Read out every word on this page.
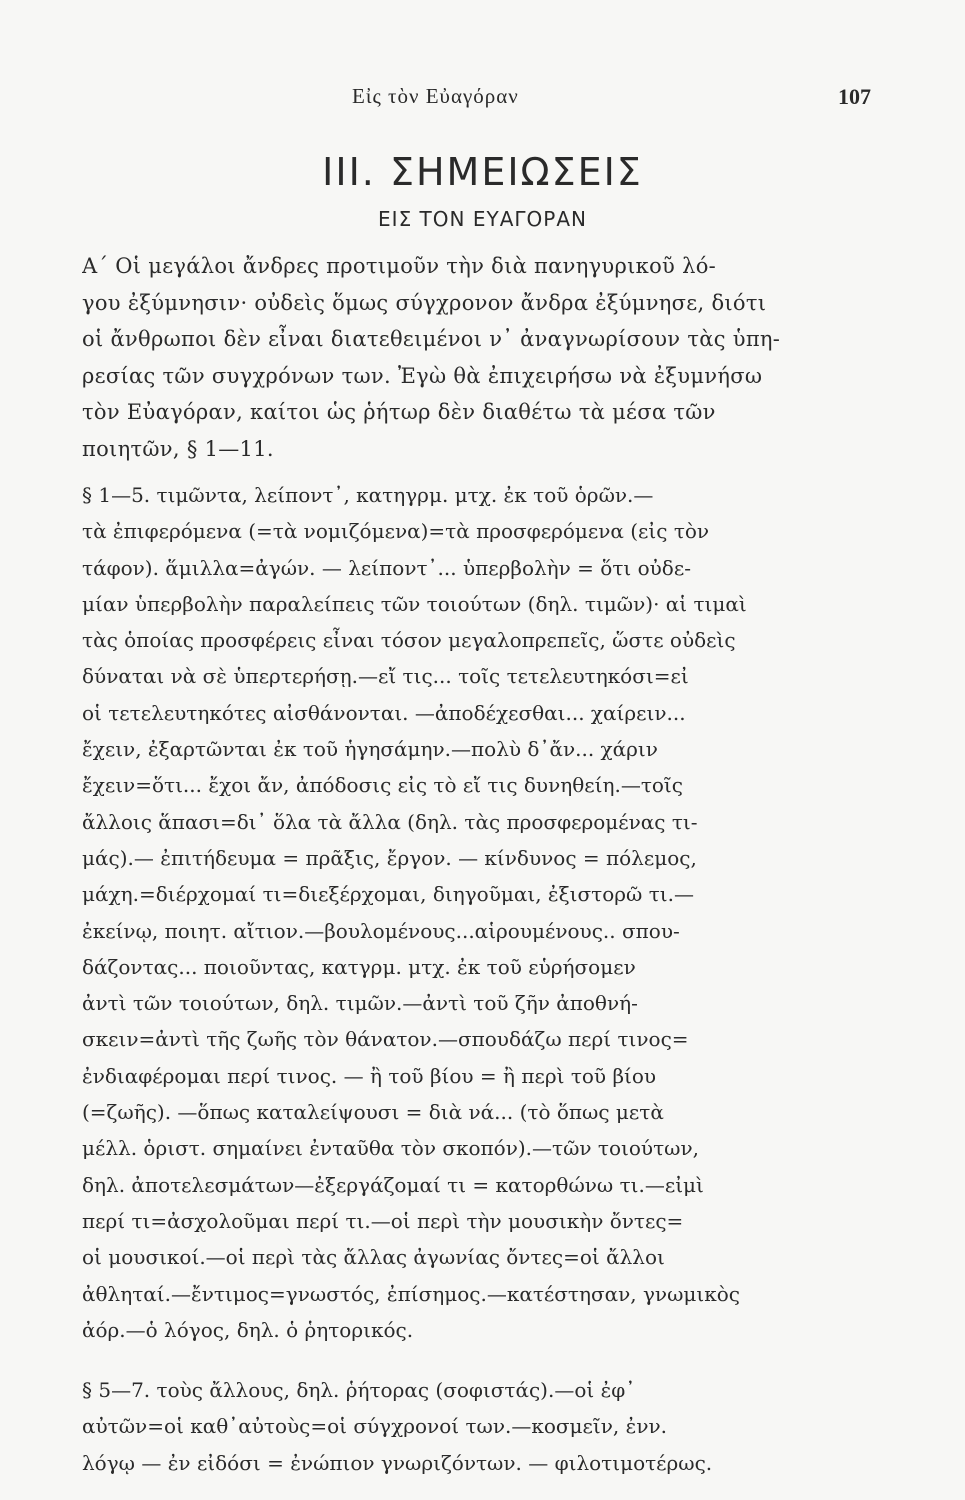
Εἰς τὸν Εὐαγόραν	107
III. ΣΗΜΕΙΩΣΕΙΣ
ΕΙΣ ΤΟΝ ΕΥΑΓΟΡΑΝ
Α΄ Οἱ μεγάλοι ἄνδρες προτιμοῦν τὴν διὰ πανηγυρικοῦ λό-
γου ἐξύμνησιν· οὐδεὶς ὅμως σύγχρονον ἄνδρα ἐξύμνησε, διότι
οἱ ἄνθρωποι δὲν εἶναι διατεθειμένοι ν᾿ ἀναγνωρίσουν τὰς ὑπη-
ρεσίας τῶν συγχρόνων των. Ἐγὼ θὰ ἐπιχειρήσω νὰ ἐξυμνήσω
τὸν Εὐαγόραν, καίτοι ὡς ῥήτωρ δὲν διαθέτω τὰ μέσα τῶν
ποιητῶν, § 1—11.
§ 1—5. τιμῶντα, λείποντ᾿, κατηγρμ. μτχ. ἐκ τοῦ ὁρῶν.—
τὰ ἐπιφερόμενα (=τὰ νομιζόμενα)=τὰ προσφερόμενα (εἰς τὸν
τάφον). ἅμιλλα=ἀγών. — λείποντ᾿... ὑπερβολὴν = ὅτι οὐδε-
μίαν ὑπερβολὴν παραλείπεις τῶν τοιούτων (δηλ. τιμῶν)· αἱ τιμαὶ
τὰς ὁποίας προσφέρεις εἶναι τόσον μεγαλοπρεπεῖς, ὥστε οὐδεὶς
δύναται νὰ σὲ ὑπερτερήσῃ.—εἴ τις... τοῖς τετελευτηκόσι=εἰ
οἱ τετελευτηκότες αἰσθάνονται. —ἀποδέχεσθαι... χαίρειν...
ἔχειν, ἐξαρτῶνται ἐκ τοῦ ἡγησάμην.—πολὺ δ᾿ἄν... χάριν
ἔχειν=ὅτι... ἔχοι ἄν, ἀπόδοσις εἰς τὸ εἴ τις δυνηθείη.—τοῖς
ἄλλοις ἅπασι=δι᾿ ὅλα τὰ ἄλλα (δηλ. τὰς προσφερομένας τι-
μάς).— ἐπιτήδευμα = πρᾶξις, ἔργον. — κίνδυνος = πόλεμος,
μάχη.=διέρχομαί τι=διεξέρχομαι, διηγοῦμαι, ἐξιστορῶ τι.—
ἐκείνῳ, ποιητ. αἴτιον.—βουλομένους...αἱρουμένους.. σπου-
δάζοντας... ποιοῦντας, κατγρμ. μτχ. ἐκ τοῦ εὑρήσομεν
ἀντὶ τῶν τοιούτων, δηλ. τιμῶν.—ἀντὶ τοῦ ζῆν ἀποθνή-
σκειν=ἀντὶ τῆς ζωῆς τὸν θάνατον.—σπουδάζω περί τινος=
ἐνδιαφέρομαι περί τινος. — ἢ τοῦ βίου = ἢ περὶ τοῦ βίου
(=ζωῆς). —ὅπως καταλείψουσι = διὰ νά... (τὸ ὅπως μετὰ
μέλλ. ὁριστ. σημαίνει ἐνταῦθα τὸν σκοπόν).—τῶν τοιούτων,
δηλ. ἀποτελεσμάτων—ἐξεργάζομαί τι = κατορθώνω τι.—εἰμὶ
περί τι=ἀσχολοῦμαι περί τι.—οἱ περὶ τὴν μουσικὴν ὄντες=
οἱ μουσικοί.—οἱ περὶ τὰς ἄλλας ἀγωνίας ὄντες=οἱ ἄλλοι
ἀθληταί.—ἔντιμος=γνωστός, ἐπίσημος.—κατέστησαν, γνωμικὸς
ἀόρ.—ὁ λόγος, δηλ. ὁ ῥητορικός.
§ 5—7. τοὺς ἄλλους, δηλ. ῥήτορας (σοφιστάς).—οἱ ἐφ᾿
αὐτῶν=οἱ καθ᾿αὐτοὺς=οἱ σύγχρονοί των.—κοσμεῖν, ἐνν.
λόγῳ — ἐν εἰδόσι = ἐνώπιον γνωριζόντων. — φιλοτιμοτέρως.
